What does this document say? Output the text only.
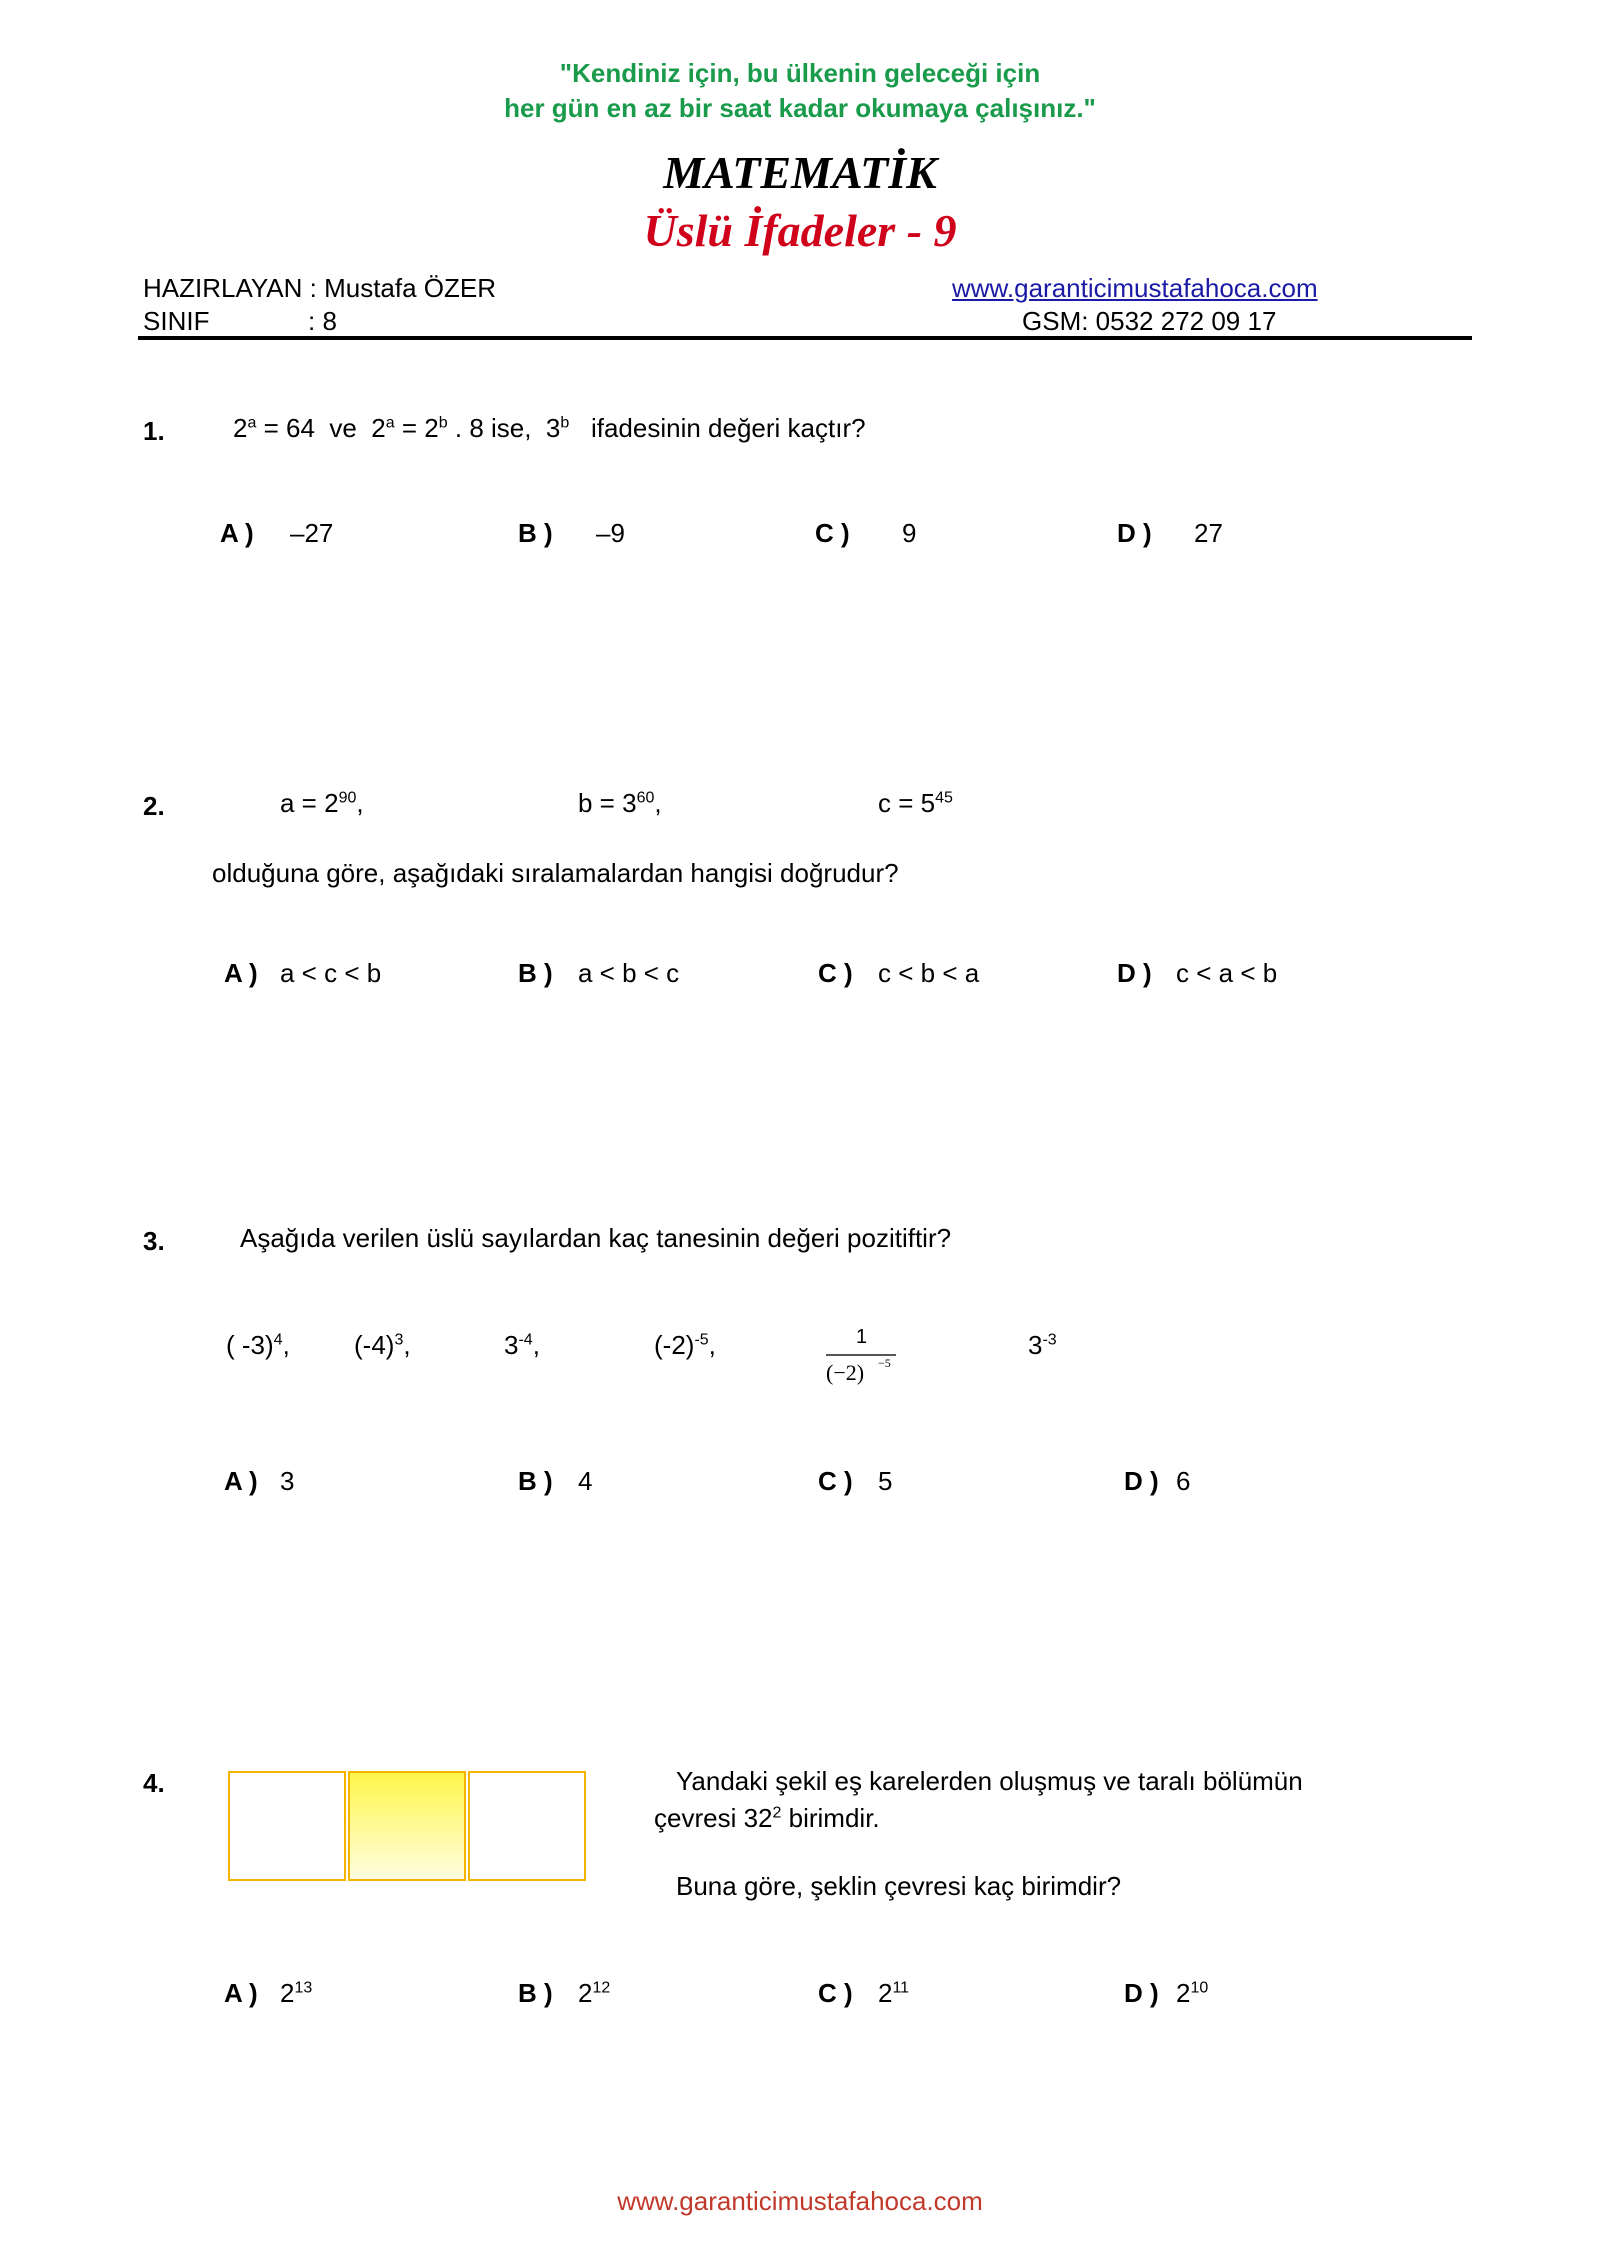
"Kendiniz için, bu ülkenin geleceği için
her gün en az bir saat kadar okumaya çalışınız."
MATEMATİK
Üslü İfadeler - 9
HAZIRLAYAN : Mustafa ÖZER
SINIF	: 8
www.garanticimustafahoca.com
GSM: 0532 272 09 17
1.	$2^a = 64$  ve  $2^a = 2^b$ . 8 ise,  3$^b$   ifadesinin değeri kaçtır?
A ) –27	B ) –9	C ) 9	D ) 27
2.	$a = 2^{90}$,	$b = 3^{60}$,	$c = 5^{45}$
olduğuna göre, aşağıdaki sıralamalardan hangisi doğrudur?
A ) a < c < b	B ) a < b < c	C ) c < b < a	D ) c < a < b
3.	Aşağıda verilen üslü sayılardan kaç tanesinin değeri pozitiftir?
( -3)$^4$, $(-4)^3$,	$3^{-4}$,	$(-2)^{-5}$,	1
(−2) −5
$3^{-3}$
A ) 3	B ) 4	C ) 5	D ) 6
4.	Yandaki şekil eş karelerden oluşmuş ve taralı bölümün
çevresi $32^2$ birimdir.
Buna göre, şeklin çevresi kaç birimdir?
A ) $2^{13}$	B ) $2^{12}$	C ) $2^{11}$	D ) $2^{10}$
www.garanticimustafahoca.com
